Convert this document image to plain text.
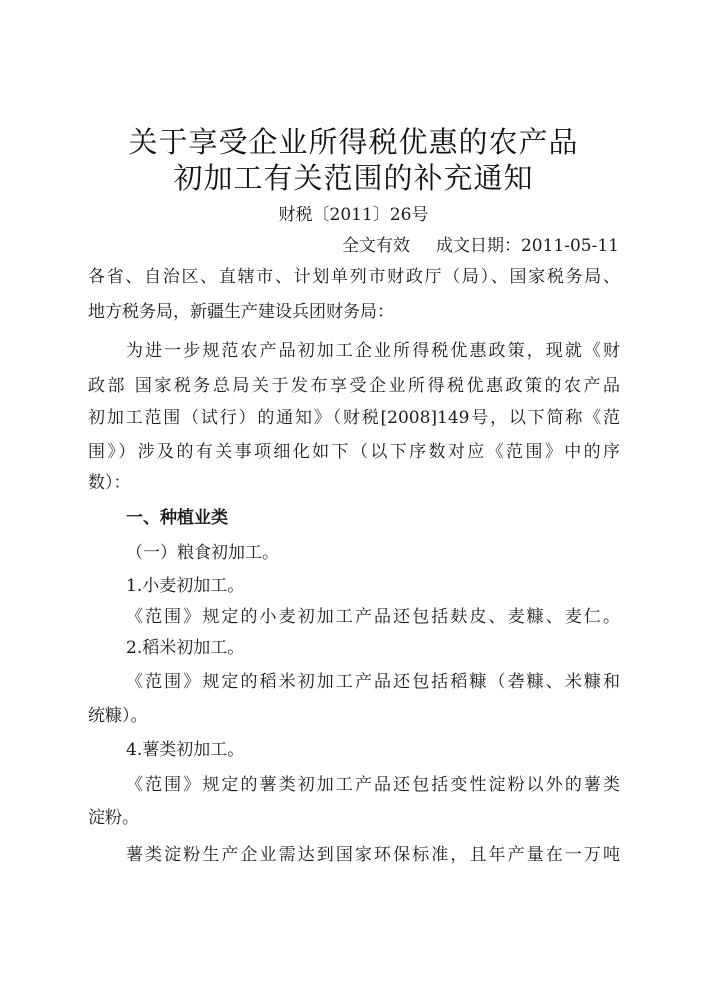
关于享受企业所得税优惠的农产品
初加工有关范围的补充通知
财税〔2011〕26号
全文有效 成文日期：2011-05-11
各省、自治区、直辖市、计划单列市财政厅（局）、国家税务局、
地方税务局，新疆生产建设兵团财务局：
为进一步规范农产品初加工企业所得税优惠政策，现就《财
政部 国家税务总局关于发布享受企业所得税优惠政策的农产品
初加工范围（试行）的通知》（财税[2008]149号，以下简称《范
围》）涉及的有关事项细化如下（以下序数对应《范围》中的序
数）：
一、种植业类
（一）粮食初加工。
1.小麦初加工。
《范围》规定的小麦初加工产品还包括麸皮、麦糠、麦仁。
2.稻米初加工。
《范围》规定的稻米初加工产品还包括稻糠（砻糠、米糠和
统糠）。
4.薯类初加工。
《范围》规定的薯类初加工产品还包括变性淀粉以外的薯类
淀粉。
薯类淀粉生产企业需达到国家环保标准，且年产量在一万吨
